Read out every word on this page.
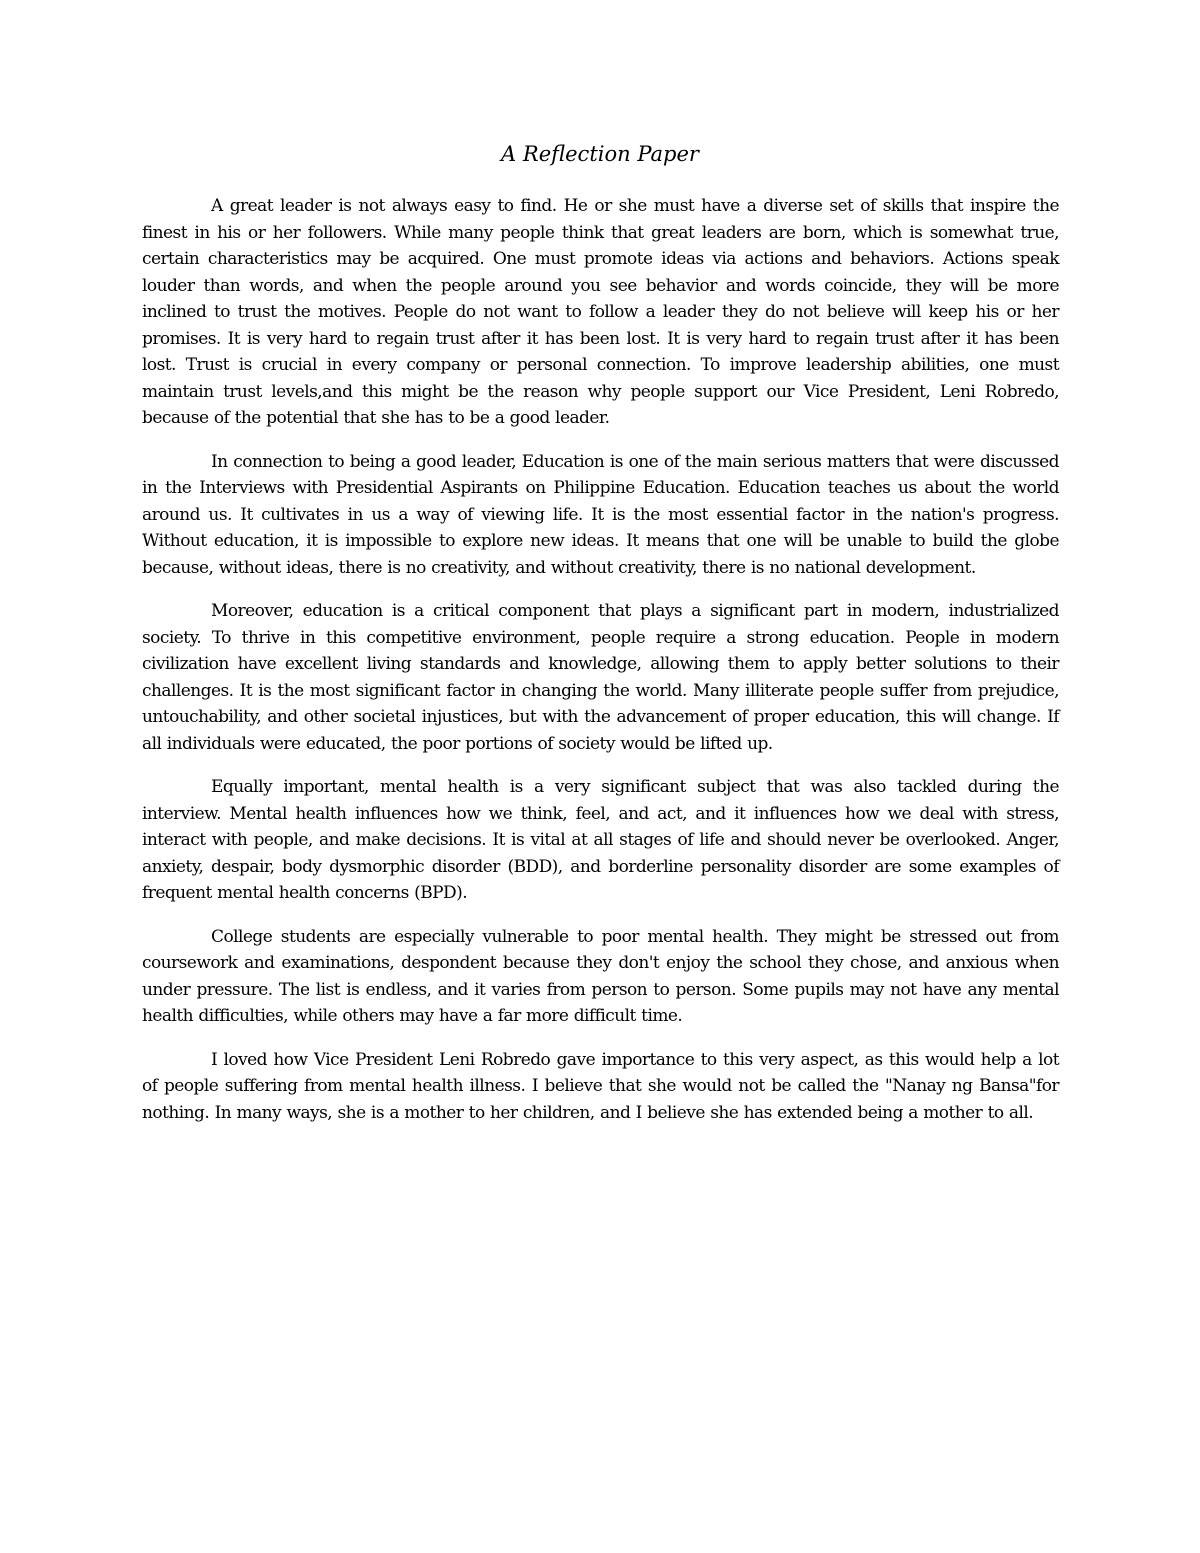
A Reflection Paper

A great leader is not always easy to find. He or she must have a diverse set of skills that inspire the finest in his or her followers. While many people think that great leaders are born, which is somewhat true, certain characteristics may be acquired. One must promote ideas via actions and behaviors. Actions speak louder than words, and when the people around you see behavior and words coincide, they will be more inclined to trust the motives. People do not want to follow a leader they do not believe will keep his or her promises. It is very hard to regain trust after it has been lost. It is very hard to regain trust after it has been lost. Trust is crucial in every company or personal connection. To improve leadership abilities, one must maintain trust levels,and this might be the reason why people support our Vice President, Leni Robredo, because of the potential that she has to be a good leader.

In connection to being a good leader, Education is one of the main serious matters that were discussed in the Interviews with Presidential Aspirants on Philippine Education. Education teaches us about the world around us. It cultivates in us a way of viewing life. It is the most essential factor in the nation's progress. Without education, it is impossible to explore new ideas. It means that one will be unable to build the globe because, without ideas, there is no creativity, and without creativity, there is no national development.

Moreover, education is a critical component that plays a significant part in modern, industrialized society. To thrive in this competitive environment, people require a strong education. People in modern civilization have excellent living standards and knowledge, allowing them to apply better solutions to their challenges. It is the most significant factor in changing the world. Many illiterate people suffer from prejudice, untouchability, and other societal injustices, but with the advancement of proper education, this will change. If all individuals were educated, the poor portions of society would be lifted up.

Equally important, mental health is a very significant subject that was also tackled during the interview. Mental health influences how we think, feel, and act, and it influences how we deal with stress, interact with people, and make decisions. It is vital at all stages of life and should never be overlooked. Anger, anxiety, despair, body dysmorphic disorder (BDD), and borderline personality disorder are some examples of frequent mental health concerns (BPD).

College students are especially vulnerable to poor mental health. They might be stressed out from coursework and examinations, despondent because they don't enjoy the school they chose, and anxious when under pressure. The list is endless, and it varies from person to person. Some pupils may not have any mental health difficulties, while others may have a far more difficult time.

I loved how Vice President Leni Robredo gave importance to this very aspect, as this would help a lot of people suffering from mental health illness. I believe that she would not be called the "Nanay ng Bansa"for nothing. In many ways, she is a mother to her children, and I believe she has extended being a mother to all.
